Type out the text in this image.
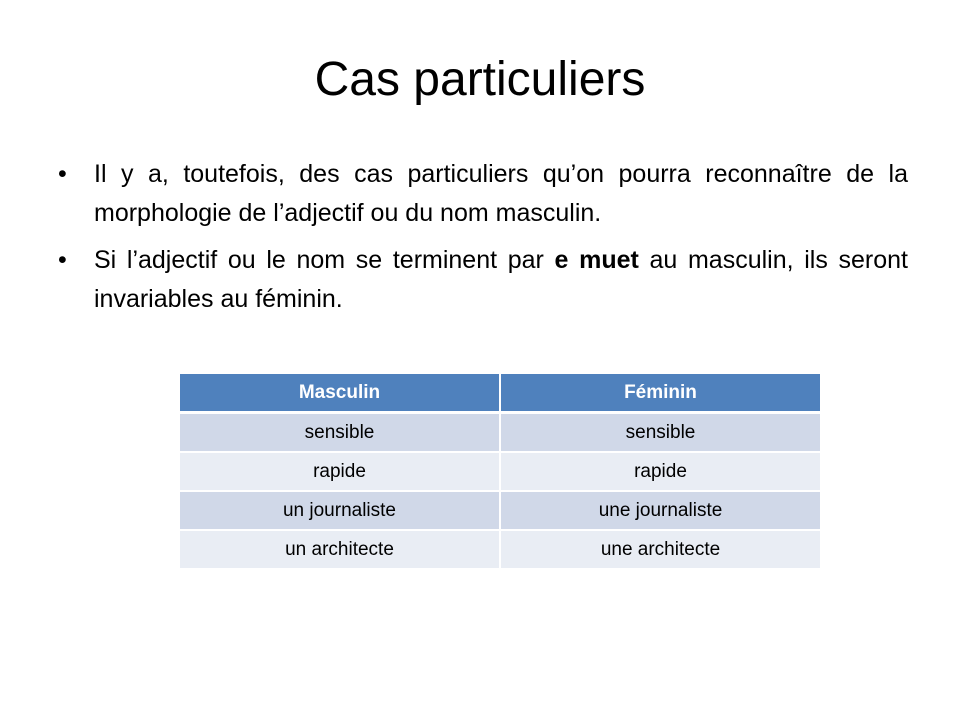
Cas particuliers
•	Il y a, toutefois, des cas particuliers qu’on pourra reconnaître de la morphologie de l’adjectif ou du nom masculin.
•	Si l’adjectif ou le nom se terminent par e muet au masculin, ils seront invariables au féminin.
Masculin	Féminin
sensible	sensible
rapide	rapide
un journaliste	une journaliste
un architecte	une architecte
